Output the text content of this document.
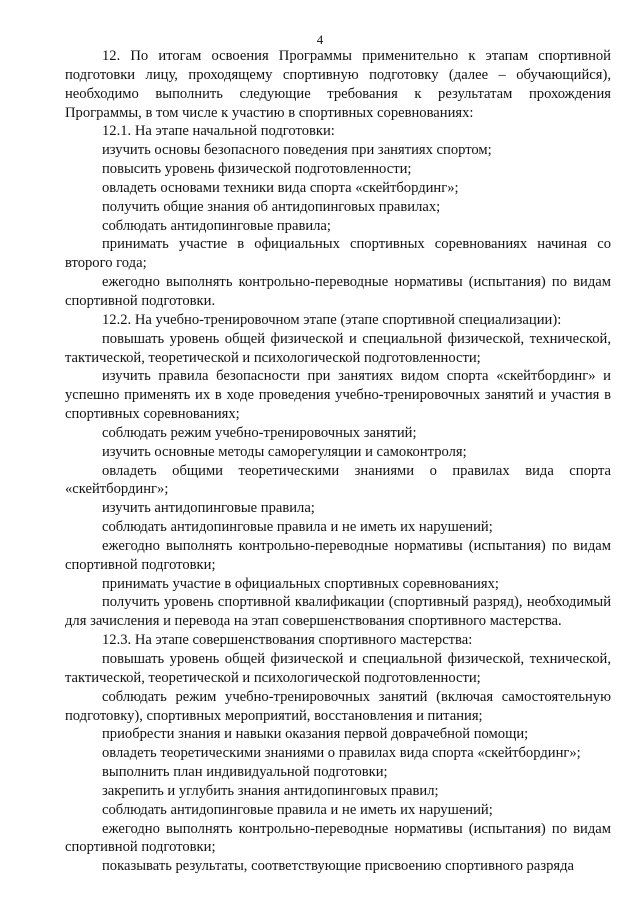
4

12. По итогам освоения Программы применительно к этапам спортивной подготовки лицу, проходящему спортивную подготовку (далее – обучающийся), необходимо выполнить следующие требования к результатам прохождения Программы, в том числе к участию в спортивных соревнованиях:

12.1. На этапе начальной подготовки:

изучить основы безопасного поведения при занятиях спортом;

повысить уровень физической подготовленности;

овладеть основами техники вида спорта «скейтбординг»;

получить общие знания об антидопинговых правилах;

соблюдать антидопинговые правила;

принимать участие в официальных спортивных соревнованиях начиная со второго года;

ежегодно выполнять контрольно-переводные нормативы (испытания) по видам спортивной подготовки.

12.2. На учебно-тренировочном этапе (этапе спортивной специализации):

повышать уровень общей физической и специальной физической, технической, тактической, теоретической и психологической подготовленности;

изучить правила безопасности при занятиях видом спорта «скейтбординг» и успешно применять их в ходе проведения учебно-тренировочных занятий и участия в спортивных соревнованиях;

соблюдать режим учебно-тренировочных занятий;

изучить основные методы саморегуляции и самоконтроля;

овладеть общими теоретическими знаниями о правилах вида спорта «скейтбординг»;

изучить антидопинговые правила;

соблюдать антидопинговые правила и не иметь их нарушений;

ежегодно выполнять контрольно-переводные нормативы (испытания) по видам спортивной подготовки;

принимать участие в официальных спортивных соревнованиях;

получить уровень спортивной квалификации (спортивный разряд), необходимый для зачисления и перевода на этап совершенствования спортивного мастерства.

12.3. На этапе совершенствования спортивного мастерства:

повышать уровень общей физической и специальной физической, технической, тактической, теоретической и психологической подготовленности;

соблюдать режим учебно-тренировочных занятий (включая самостоятельную подготовку), спортивных мероприятий, восстановления и питания;

приобрести знания и навыки оказания первой доврачебной помощи;

овладеть теоретическими знаниями о правилах вида спорта «скейтбординг»;

выполнить план индивидуальной подготовки;

закрепить и углубить знания антидопинговых правил;

соблюдать антидопинговые правила и не иметь их нарушений;

ежегодно выполнять контрольно-переводные нормативы (испытания) по видам спортивной подготовки;

показывать результаты, соответствующие присвоению спортивного разряда
